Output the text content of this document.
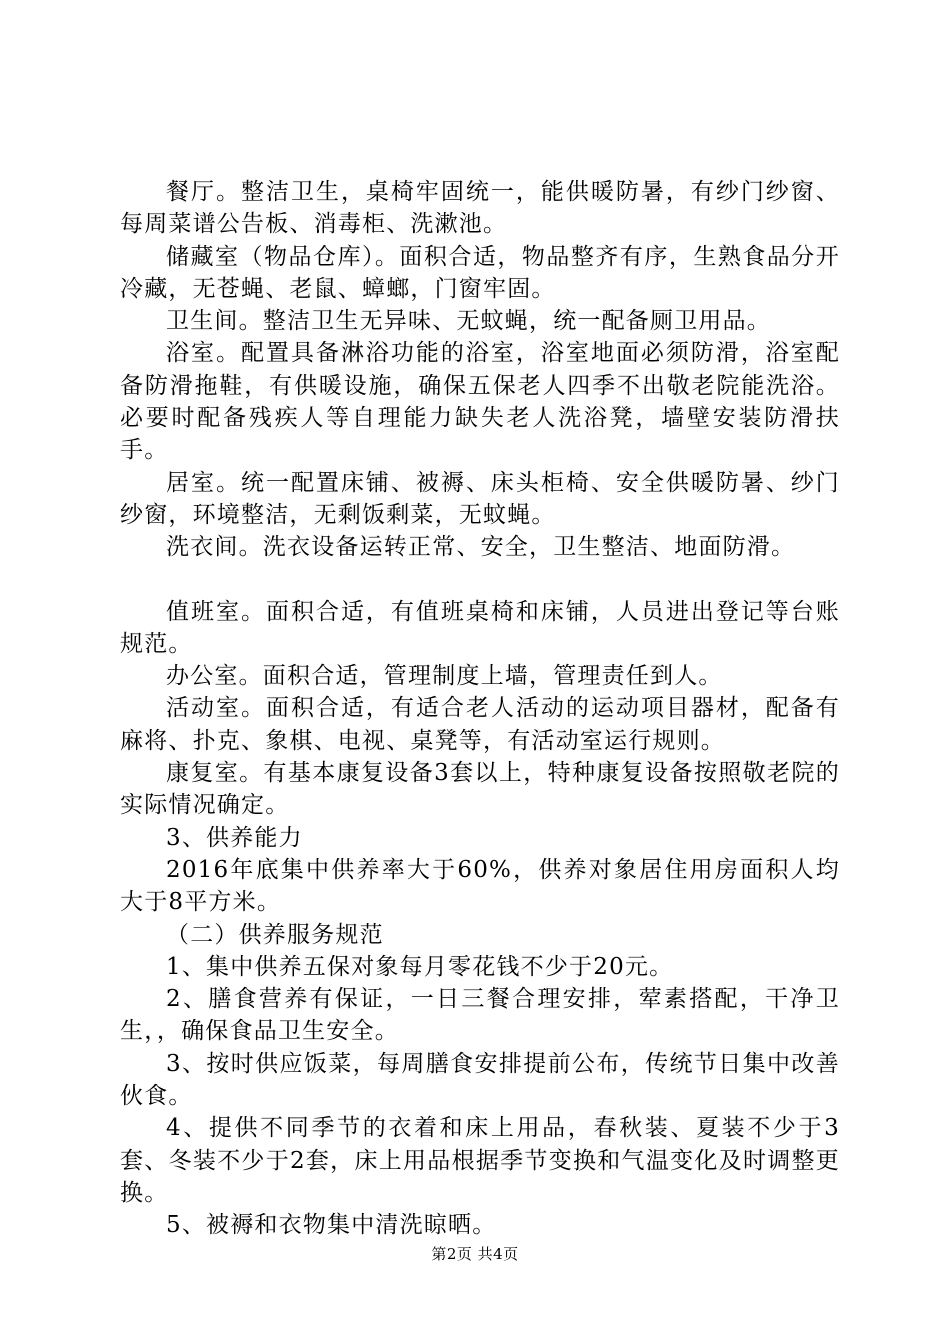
餐厅。整洁卫生，桌椅牢固统一，能供暖防暑，有纱门纱窗、每周菜谱公告板、消毒柜、洗漱池。

储藏室（物品仓库）。面积合适，物品整齐有序，生熟食品分开冷藏，无苍蝇、老鼠、蟑螂，门窗牢固。

卫生间。整洁卫生无异味、无蚊蝇，统一配备厕卫用品。

浴室。配置具备淋浴功能的浴室，浴室地面必须防滑，浴室配备防滑拖鞋，有供暖设施，确保五保老人四季不出敬老院能洗浴。必要时配备残疾人等自理能力缺失老人洗浴凳，墙壁安装防滑扶手。

居室。统一配置床铺、被褥、床头柜椅、安全供暖防暑、纱门纱窗，环境整洁，无剩饭剩菜，无蚊蝇。

洗衣间。洗衣设备运转正常、安全，卫生整洁、地面防滑。

值班室。面积合适，有值班桌椅和床铺，人员进出登记等台账规范。

办公室。面积合适，管理制度上墙，管理责任到人。

活动室。面积合适，有适合老人活动的运动项目器材，配备有麻将、扑克、象棋、电视、桌凳等，有活动室运行规则。

康复室。有基本康复设备3套以上，特种康复设备按照敬老院的实际情况确定。

3、供养能力

2016年底集中供养率大于60%，供养对象居住用房面积人均大于8平方米。

（二）供养服务规范

1、集中供养五保对象每月零花钱不少于20元。

2、膳食营养有保证，一日三餐合理安排，荤素搭配，干净卫生，，确保食品卫生安全。

3、按时供应饭菜，每周膳食安排提前公布，传统节日集中改善伙食。

4、提供不同季节的衣着和床上用品，春秋装、夏装不少于3套、冬装不少于2套，床上用品根据季节变换和气温变化及时调整更换。

5、被褥和衣物集中清洗晾晒。

第2页 共4页
